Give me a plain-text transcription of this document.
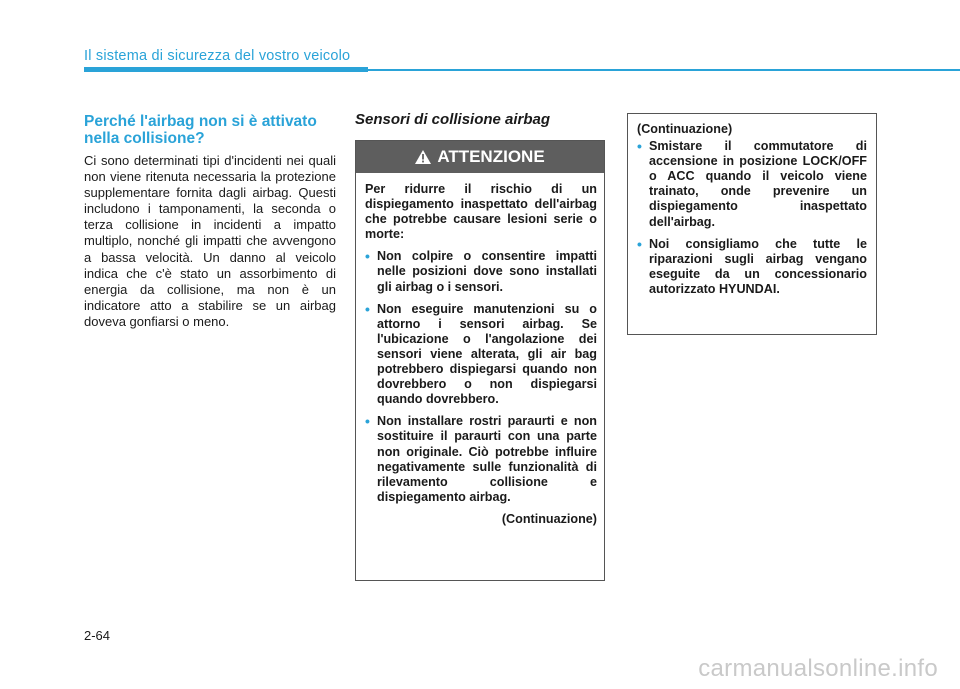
Il sistema di sicurezza del vostro veicolo
Perché l'airbag non si è attivato nella collisione?

Ci sono determinati tipi d'incidenti nei quali non viene ritenuta necessaria la protezione supplementare fornita dagli airbag. Questi includono i tamponamenti, la seconda o terza collisione in incidenti a impatto multiplo, nonché gli impatti che avvengono a bassa velocità. Un danno al veicolo indica che c'è stato un assorbimento di energia da collisione, ma non è un indicatore atto a stabilire se un airbag doveva gonfiarsi o meno.

Sensori di collisione airbag
ATTENZIONE

Per ridurre il rischio di un dispiegamento inaspettato dell'airbag che potrebbe causare lesioni serie o morte:

• Non colpire o consentire impatti nelle posizioni dove sono installati gli airbag o i sensori.
• Non eseguire manutenzioni su o attorno i sensori airbag. Se l'ubicazione o l'angolazione dei sensori viene alterata, gli air bag potrebbero dispiegarsi quando non dovrebbero o non dispiegarsi quando dovrebbero.
• Non installare rostri paraurti e non sostituire il paraurti con una parte non originale. Ciò potrebbe influire negativamente sulle funzionalità di rilevamento collisione e dispiegamento airbag.
(Continuazione)

(Continuazione)

• Smistare il commutatore di accensione in posizione LOCK/OFF o ACC quando il veicolo viene trainato, onde prevenire un dispiegamento inaspettato dell'airbag.
• Noi consigliamo che tutte le riparazioni sugli airbag vengano eseguite da un concessionario autorizzato HYUNDAI.
2-64
carmanualsonline.info
